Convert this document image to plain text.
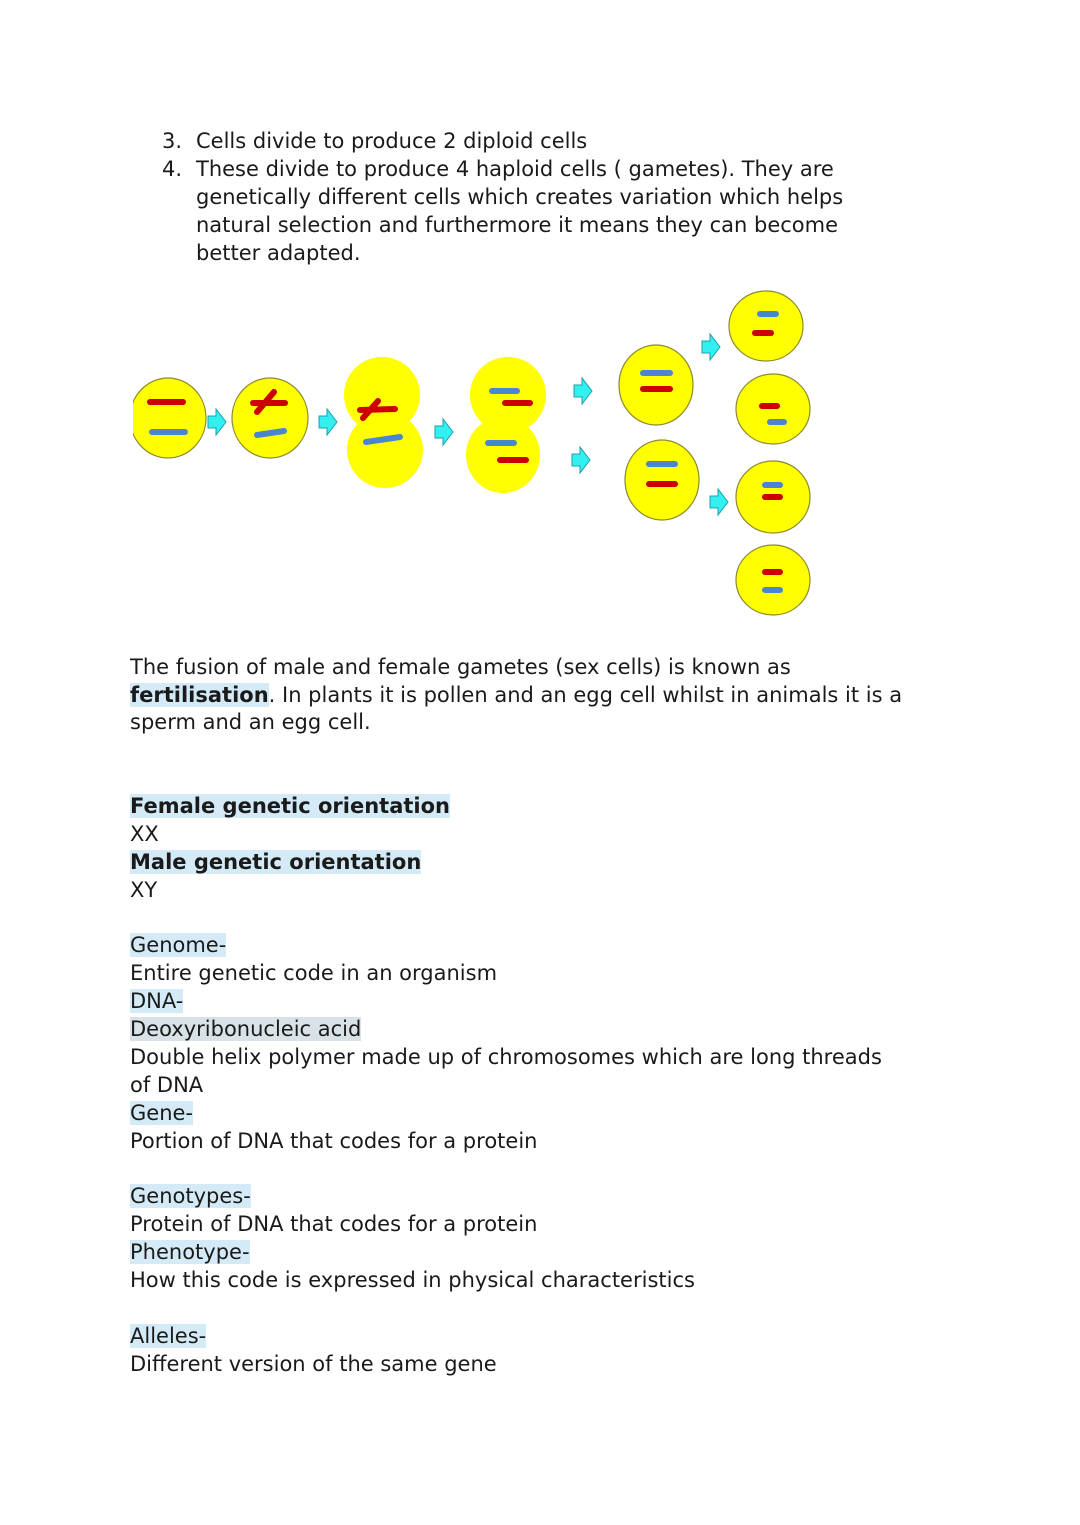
3. Cells divide to produce 2 diploid cells
4. These divide to produce 4 haploid cells ( gametes). They are
genetically different cells which creates variation which helps
natural selection and furthermore it means they can become
better adapted.
The fusion of male and female gametes (sex cells) is known as
fertilisation. In plants it is pollen and an egg cell whilst in animals it is a
sperm and an egg cell.
Female genetic orientation
XX
Male genetic orientation
XY
Genome-
Entire genetic code in an organism
DNA-
Deoxyribonucleic acid
Double helix polymer made up of chromosomes which are long threads
of DNA
Gene-
Portion of DNA that codes for a protein
Genotypes-
Protein of DNA that codes for a protein
Phenotype-
How this code is expressed in physical characteristics
Alleles-
Different version of the same gene
